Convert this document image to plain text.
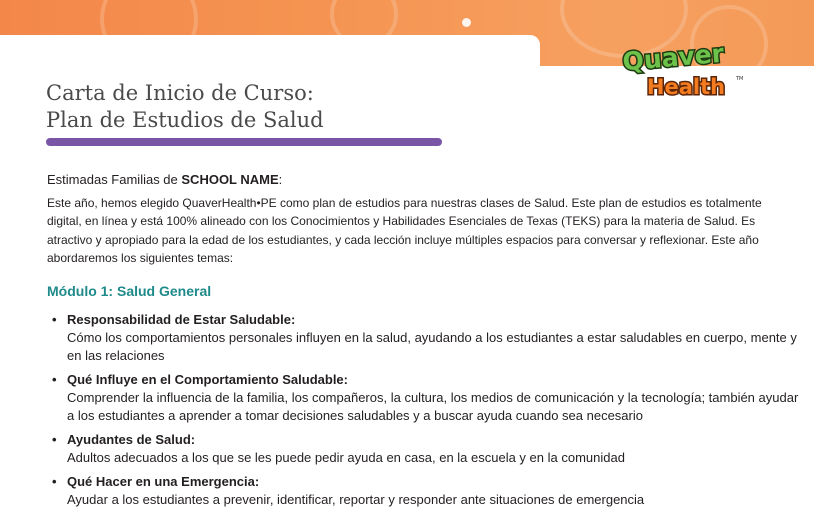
Quaver
Health TM
Carta de Inicio de Curso:
Plan de Estudios de Salud

Estimadas Familias de SCHOOL NAME:

Este año, hemos elegido QuaverHealth•PE como plan de estudios para nuestras clases de Salud. Este plan de estudios es totalmente digital, en línea y está 100% alineado con los Conocimientos y Habilidades Esenciales de Texas (TEKS) para la materia de Salud. Es atractivo y apropiado para la edad de los estudiantes, y cada lección incluye múltiples espacios para conversar y reflexionar. Este año abordaremos los siguientes temas:

Módulo 1: Salud General
• Responsabilidad de Estar Saludable:
Cómo los comportamientos personales influyen en la salud, ayudando a los estudiantes a estar saludables en cuerpo, mente y en las relaciones
• Qué Influye en el Comportamiento Saludable:
Comprender la influencia de la familia, los compañeros, la cultura, los medios de comunicación y la tecnología; también ayudar a los estudiantes a aprender a tomar decisiones saludables y a buscar ayuda cuando sea necesario
• Ayudantes de Salud:
Adultos adecuados a los que se les puede pedir ayuda en casa, en la escuela y en la comunidad
• Qué Hacer en una Emergencia:
Ayudar a los estudiantes a prevenir, identificar, reportar y responder ante situaciones de emergencia
